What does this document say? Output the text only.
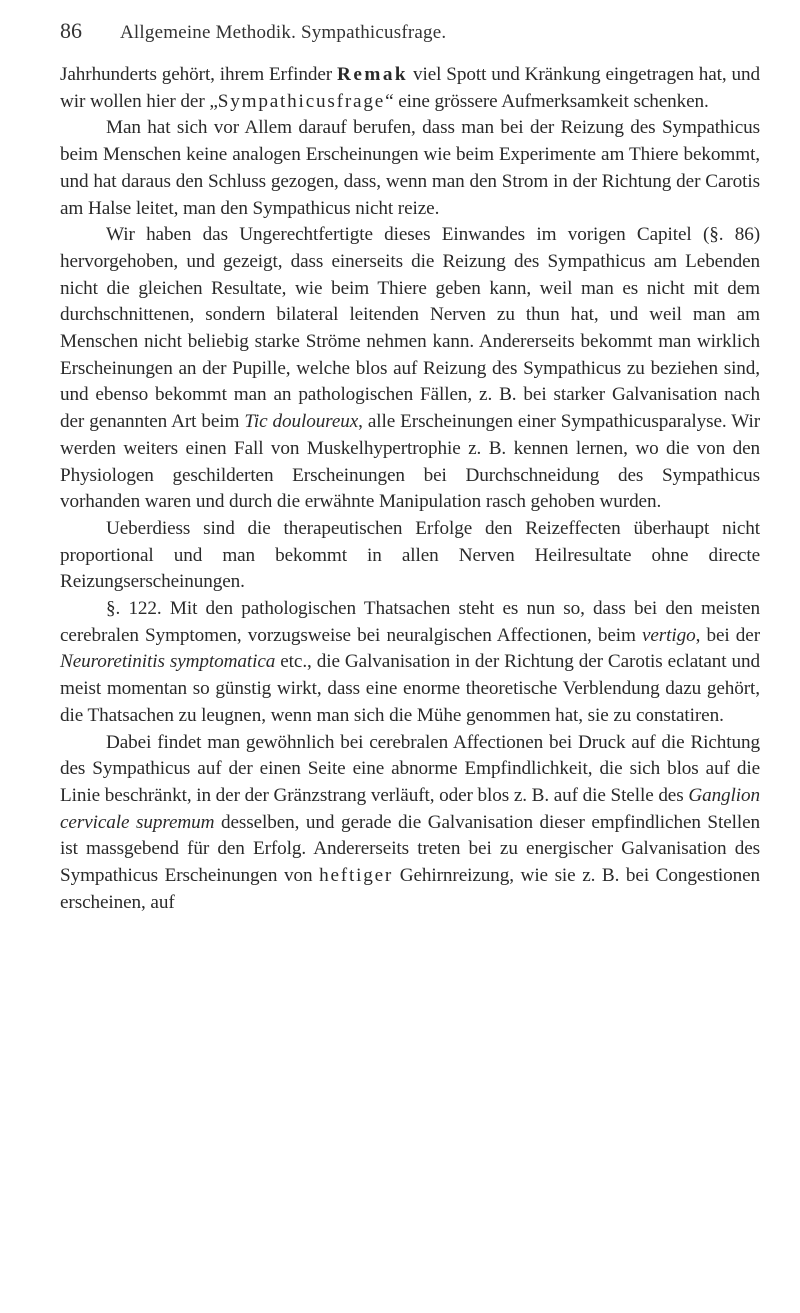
86	Allgemeine Methodik. Sympathicusfrage.

Jahrhunderts gehört, ihrem Erfinder Remak viel Spott und Kränkung eingetragen hat, und wir wollen hier der „Sympathicusfrage“ eine grössere Aufmerksamkeit schenken.

Man hat sich vor Allem darauf berufen, dass man bei der Reizung des Sympathicus beim Menschen keine analogen Erscheinungen wie beim Experimente am Thiere bekommt, und hat daraus den Schluss gezogen, dass, wenn man den Strom in der Richtung der Carotis am Halse leitet, man den Sympathicus nicht reize.

Wir haben das Ungerechtfertigte dieses Einwandes im vorigen Capitel (§. 86) hervorgehoben, und gezeigt, dass einerseits die Reizung des Sympathicus am Lebenden nicht die gleichen Resultate, wie beim Thiere geben kann, weil man es nicht mit dem durchschnittenen, sondern bilateral leitenden Nerven zu thun hat, und weil man am Menschen nicht beliebig starke Ströme nehmen kann. Andererseits bekommt man wirklich Erscheinungen an der Pupille, welche blos auf Reizung des Sympathicus zu beziehen sind, und ebenso bekommt man an pathologischen Fällen, z. B. bei starker Galvanisation nach der genannten Art beim Tic douloureux, alle Erscheinungen einer Sympathicusparalyse. Wir werden weiters einen Fall von Muskelhypertrophie z. B. kennen lernen, wo die von den Physiologen geschilderten Erscheinungen bei Durchschneidung des Sympathicus vorhanden waren und durch die erwähnte Manipulation rasch gehoben wurden.

Ueberdiess sind die therapeutischen Erfolge den Reizeffecten überhaupt nicht proportional und man bekommt in allen Nerven Heilresultate ohne directe Reizungserscheinungen.

§. 122. Mit den pathologischen Thatsachen steht es nun so, dass bei den meisten cerebralen Symptomen, vorzugsweise bei neuralgischen Affectionen, beim vertigo, bei der Neuroretinitis symptomatica etc., die Galvanisation in der Richtung der Carotis eclatant und meist momentan so günstig wirkt, dass eine enorme theoretische Verblendung dazu gehört, die Thatsachen zu leugnen, wenn man sich die Mühe genommen hat, sie zu constatiren.

Dabei findet man gewöhnlich bei cerebralen Affectionen bei Druck auf die Richtung des Sympathicus auf der einen Seite eine abnorme Empfindlichkeit, die sich blos auf die Linie beschränkt, in der der Gränzstrang verläuft, oder blos z. B. auf die Stelle des Ganglion cervicale supremum desselben, und gerade die Galvanisation dieser empfindlichen Stellen ist massgebend für den Erfolg. Andererseits treten bei zu energischer Galvanisation des Sympathicus Erscheinungen von heftiger Gehirnreizung, wie sie z. B. bei Congestionen erscheinen, auf
